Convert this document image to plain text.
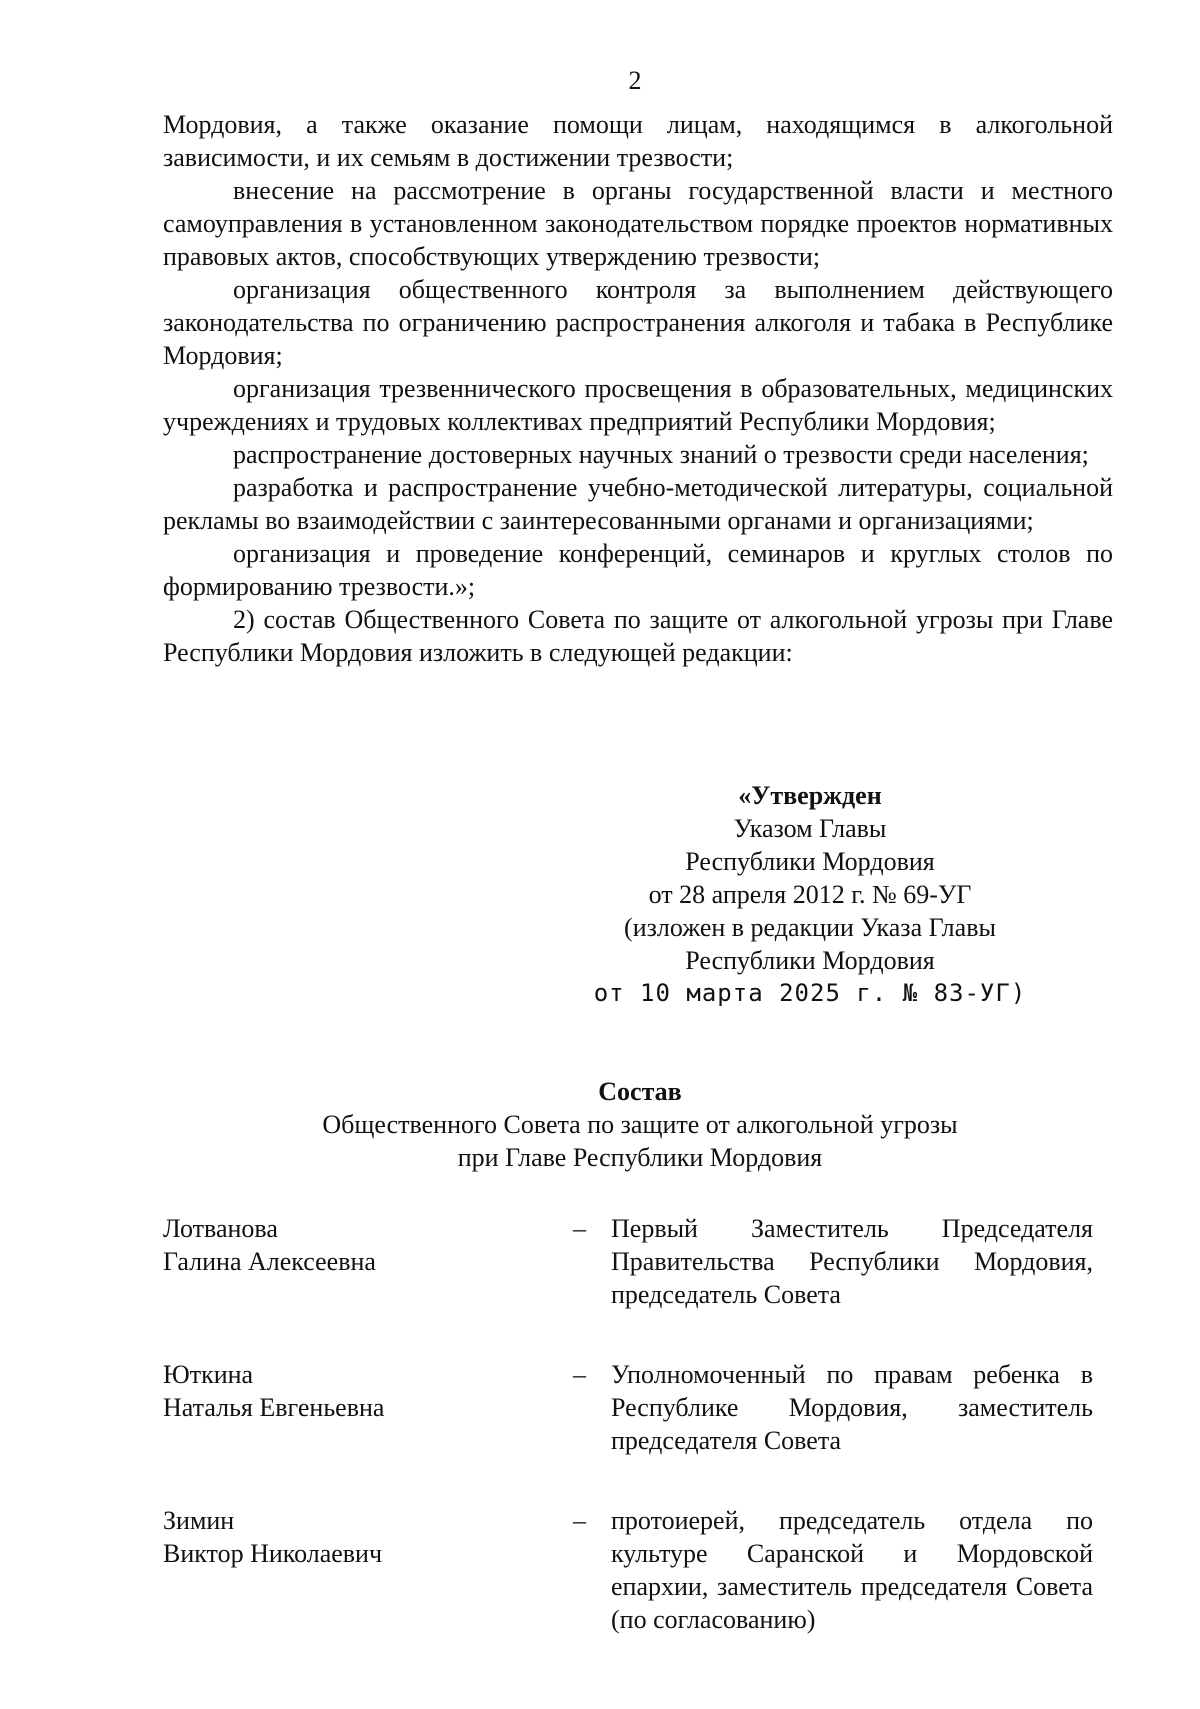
2

Мордовия, а также оказание помощи лицам, находящимся в алкогольной зависимости, и их семьям в достижении трезвости;

внесение на рассмотрение в органы государственной власти и местного самоуправления в установленном законодательством порядке проектов нормативных правовых актов, способствующих утверждению трезвости;

организация общественного контроля за выполнением действующего законодательства по ограничению распространения алкоголя и табака в Республике Мордовия;

организация трезвеннического просвещения в образовательных, медицинских учреждениях и трудовых коллективах предприятий Республики Мордовия;

распространение достоверных научных знаний о трезвости среди населения;

разработка и распространение учебно-методической литературы, социальной рекламы во взаимодействии с заинтересованными органами и организациями;

организация и проведение конференций, семинаров и круглых столов по формированию трезвости.»;

2) состав Общественного Совета по защите от алкогольной угрозы при Главе Республики Мордовия изложить в следующей редакции:

«Утвержден
Указом Главы
Республики Мордовия
от 28 апреля 2012 г. № 69-УГ
(изложен в редакции Указа Главы
Республики Мордовия
от 10 марта 2025 г. № 83-УГ)
Состав
Общественного Совета по защите от алкогольной угрозы
при Главе Республики Мордовия
Лотванова
Галина Алексеевна
– Первый Заместитель Председателя Правительства Республики Мордовия, председатель Совета
Юткина
Наталья Евгеньевна
– Уполномоченный по правам ребенка в Республике Мордовия, заместитель председателя Совета
Зимин
Виктор Николаевич
– протоиерей, председатель отдела по культуре Саранской и Мордовской епархии, заместитель председателя Совета (по согласованию)
